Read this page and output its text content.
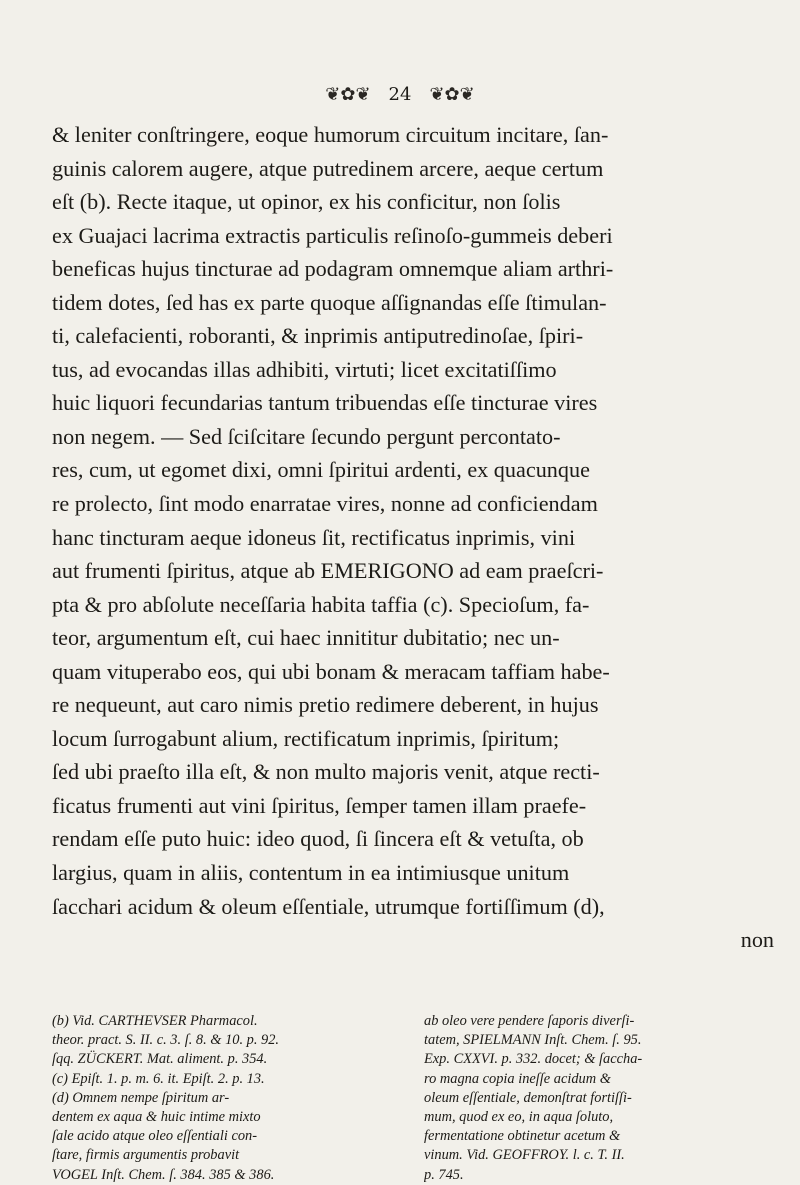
❦✿❦ 24 ❦✿❦
& leniter conſtringere, eoque humorum circuitum incitare, ſan-
guinis calorem augere, atque putredinem arcere, aeque certum
eſt (b). Recte itaque, ut opinor, ex his conficitur, non ſolis
ex Guajaci lacrima extractis particulis reſinoſo-gummeis deberi
beneficas hujus tincturae ad podagram omnemque aliam arthri-
tidem dotes, ſed has ex parte quoque aſſignandas eſſe ſtimulan-
ti, calefacienti, roboranti, & inprimis antiputredinoſae, ſpiri-
tus, ad evocandas illas adhibiti, virtuti; licet excitatiſſimo
huic liquori fecundarias tantum tribuendas eſſe tincturae vires
non negem. — Sed ſciſcitare ſecundo pergunt percontato-
res, cum, ut egomet dixi, omni ſpiritui ardenti, ex quacunque
re prolecto, ſint modo enarratae vires, nonne ad conficiendam
hanc tincturam aeque idoneus ſit, rectificatus inprimis, vini
aut frumenti ſpiritus, atque ab EMERIGONO ad eam praeſcri-
pta & pro abſolute neceſſaria habita taffia (c). Specioſum, fa-
teor, argumentum eſt, cui haec innititur dubitatio; nec un-
quam vituperabo eos, qui ubi bonam & meracam taffiam habe-
re nequeunt, aut caro nimis pretio redimere deberent, in hujus
locum ſurrogabunt alium, rectificatum inprimis, ſpiritum;
ſed ubi praeſto illa eſt, & non multo majoris venit, atque recti-
ficatus frumenti aut vini ſpiritus, ſemper tamen illam praefe-
rendam eſſe puto huic: ideo quod, ſi ſincera eſt & vetuſta, ob
largius, quam in aliis, contentum in ea intimiusque unitum
ſacchari acidum & oleum eſſentiale, utrumque fortiſſimum (d),
non
(b) Vid. CARTHEVSER Pharmacol.
theor. pract. S. II. c. 3. ſ. 8. & 10. p. 92.
ſqq. ZÜCKERT. Mat. aliment. p. 354.
(c) Epiſt. 1. p. m. 6. it. Epiſt. 2. p. 13.
(d) Omnem nempe ſpiritum ar-
dentem ex aqua & huic intime mixto
ſale acido atque oleo eſſentiali con-
ſtare, firmis argumentis probavit
VOGEL Inſt. Chem. ſ. 384. 385 & 386.
ab oleo vere pendere ſaporis diverſi-
tatem, SPIELMANN Inſt. Chem. ſ. 95.
Exp. CXXVI. p. 332. docet; & ſaccha-
ro magna copia ineſſe acidum &
oleum eſſentiale, demonſtrat fortiſſi-
mum, quod ex eo, in aqua ſoluto,
fermentatione obtinetur acetum &
vinum. Vid. GEOFFROY. l. c. T. II.
p. 745.
